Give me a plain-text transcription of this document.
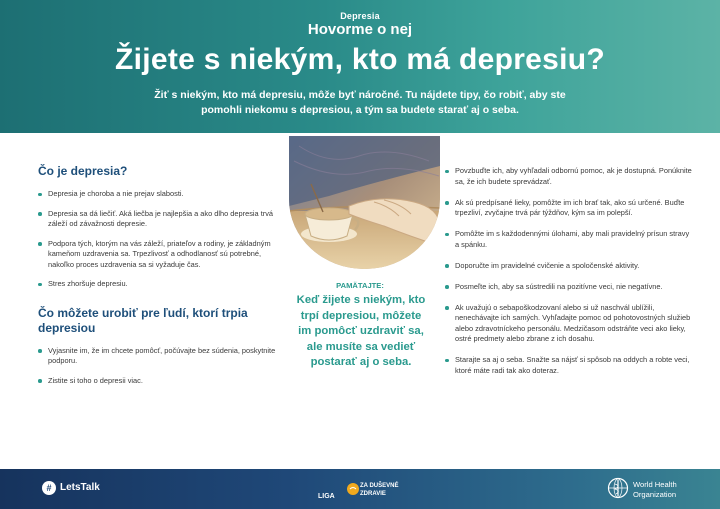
Depresia
Hovorme o nej
Žijete s niekým, kto má depresiu?
Žiť s niekým, kto má depresiu, môže byť náročné. Tu nájdete tipy, čo robiť, aby ste pomohli niekomu s depresiou, a tým sa budete starať aj o seba.
Čo je depresia?
Depresia je choroba a nie prejav slabosti.
Depresia sa dá liečiť. Aká liečba je najlepšia a ako dlho depresia trvá záleží od závažnosti depresie.
Podpora tých, ktorým na vás záleží, priateľov a rodiny, je základným kameňom uzdravenia sa. Trpezlivosť a odhodlanosť sú potrebné, nakoľko proces uzdravenia sa si vyžaduje čas.
Stres zhoršuje depresiu.
Čo môžete urobiť pre ľudí, ktorí trpia depresiou
Vyjasnite im, že im chcete pomôcť, počúvajte bez súdenia, poskytnite podporu.
Zistite si toho o depresii viac.
PAMÄTAJTE:
Keď žijete s niekým, kto trpí depresiou, môžete im pomôcť uzdraviť sa, ale musíte sa vedieť postarať aj o seba.
Povzbuďte ich, aby vyhľadali odbornú pomoc, ak je dostupná. Ponúknite sa, že ich budete sprevádzať.
Ak sú predpísané lieky, pomôžte im ich brať tak, ako sú určené. Buďte trpezliví, zvyčajne trvá pár týždňov, kým sa im polepší.
Pomôžte im s každodennými úlohami, aby mali pravidelný prísun stravy a spánku.
Doporučte im pravidelné cvičenie a spoločenské aktivity.
Posmeľte ich, aby sa sústredili na pozitívne veci, nie negatívne.
Ak uvažujú o sebapoškodzovaní alebo si už naschvál ublížili, nenechávajte ich samých. Vyhľadajte pomoc od pohotovostných služieb alebo zdravotníckeho personálu. Medzičasom odstráňte veci ako lieky, ostré predmety alebo zbrane z ich dosahu.
Starajte sa aj o seba. Snažte sa nájsť si spôsob na oddych a robte veci, ktoré máte radi tak ako doteraz.
# LetsTalk
LIGA
ZA DUŠEVNÉ
ZDRAVIE
World Health
Organization
